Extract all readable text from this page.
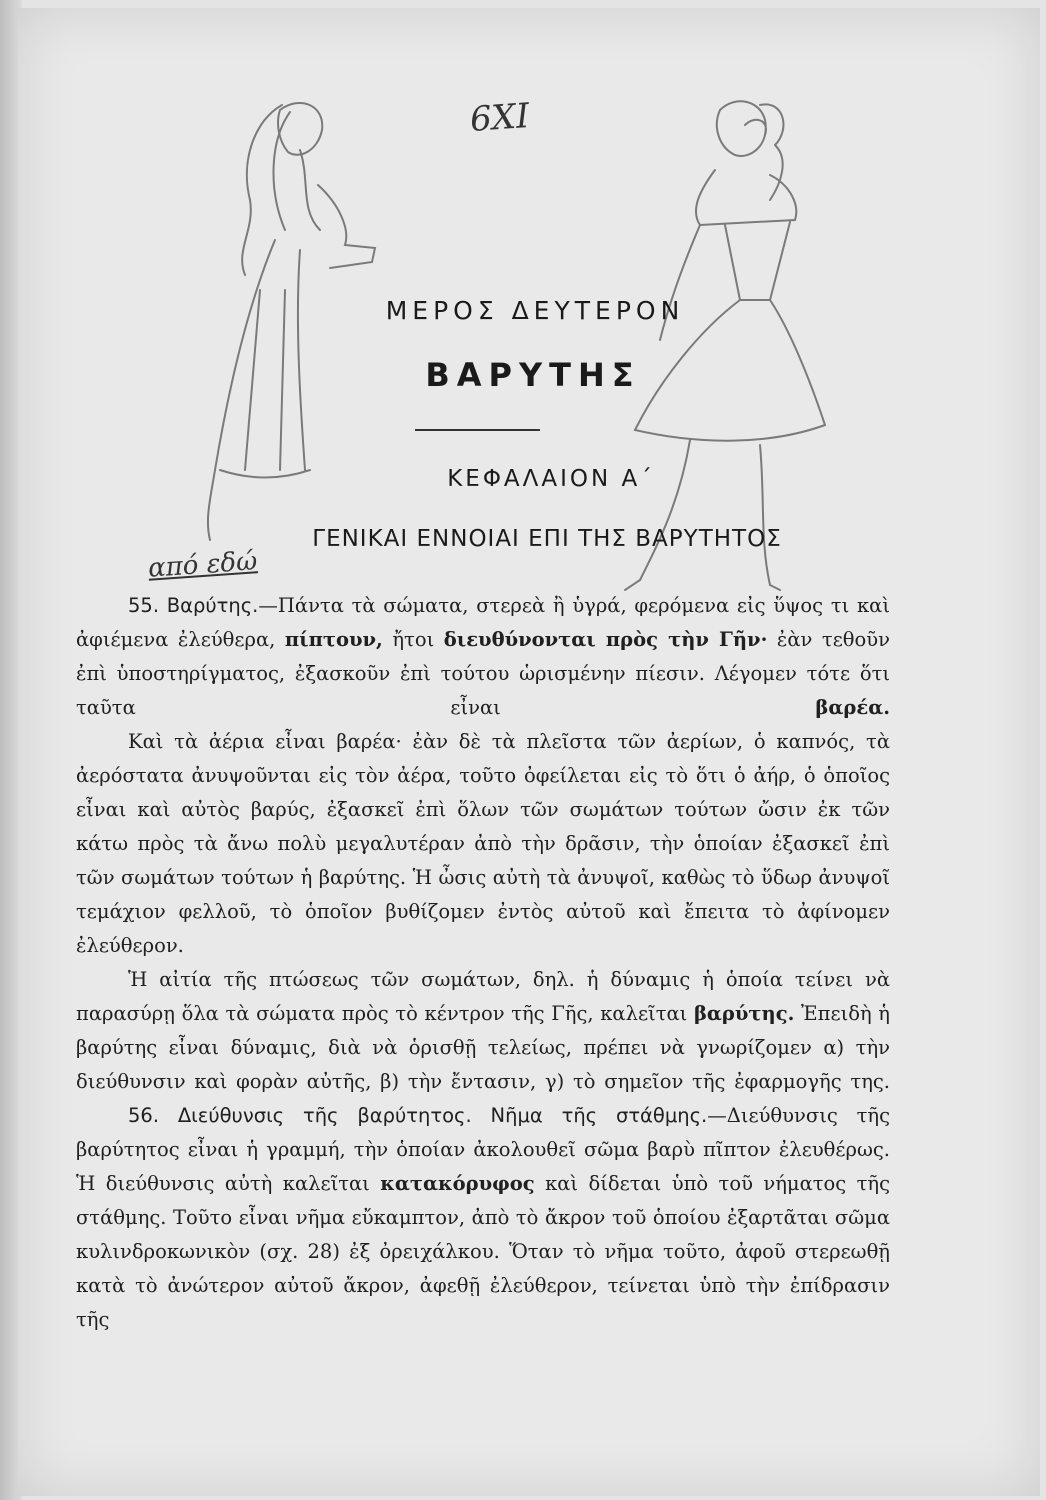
6XI
από εδώ
ΜΕΡΟΣ ΔΕΥΤΕΡΟΝ
ΒΑΡΥΤΗΣ
ΚΕΦΑΛΑΙΟΝ Α΄
ΓΕΝΙΚΑΙ ΕΝΝΟΙΑΙ ΕΠΙ ΤΗΣ ΒΑΡΥΤΗΤΟΣ

55. Βαρύτης.—Πάντα τὰ σώματα, στερεὰ ἢ ὑγρά, φερόμενα εἰς ὕψος τι καὶ ἀφιέμενα ἐλεύθερα, πίπτουν, ἤτοι διευθύνονται πρὸς τὴν Γῆν· ἐὰν τεθοῦν ἐπὶ ὑποστηρίγματος, ἐξασκοῦν ἐπὶ τούτου ὡρισμένην πίεσιν. Λέγομεν τότε ὅτι ταῦτα εἶναι βαρέα.

Καὶ τὰ ἀέρια εἶναι βαρέα· ἐὰν δὲ τὰ πλεῖστα τῶν ἀερίων, ὁ καπνός, τὰ ἀερόστατα ἀνυψοῦνται εἰς τὸν ἀέρα, τοῦτο ὀφείλεται εἰς τὸ ὅτι ὁ ἀήρ, ὁ ὁποῖος εἶναι καὶ αὐτὸς βαρύς, ἐξασκεῖ ἐπὶ ὅλων τῶν σωμάτων τούτων ὤσιν ἐκ τῶν κάτω πρὸς τὰ ἄνω πολὺ μεγαλυτέραν ἀπὸ τὴν δρᾶσιν, τὴν ὁποίαν ἐξασκεῖ ἐπὶ τῶν σωμάτων τούτων ἡ βαρύτης. Ἡ ὦσις αὐτὴ τὰ ἀνυψοῖ, καθὼς τὸ ὕδωρ ἀνυψοῖ τεμάχιον φελλοῦ, τὸ ὁποῖον βυθίζομεν ἐντὸς αὐτοῦ καὶ ἔπειτα τὸ ἀφίνομεν ἐλεύθερον.

Ἡ αἰτία τῆς πτώσεως τῶν σωμάτων, δηλ. ἡ δύναμις ἡ ὁποία τείνει νὰ παρασύρῃ ὅλα τὰ σώματα πρὸς τὸ κέντρον τῆς Γῆς, καλεῖται βαρύτης. Ἐπειδὴ ἡ βαρύτης εἶναι δύναμις, διὰ νὰ ὁρισθῇ τελείως, πρέπει νὰ γνωρίζομεν α) τὴν διεύθυνσιν καὶ φορὰν αὐτῆς, β) τὴν ἔντασιν, γ) τὸ σημεῖον τῆς ἐφαρμογῆς της.

56. Διεύθυνσις τῆς βαρύτητος. Νῆμα τῆς στάθμης.—Διεύθυνσις τῆς βαρύτητος εἶναι ἡ γραμμή, τὴν ὁποίαν ἀκολουθεῖ σῶμα βαρὺ πῖπτον ἐλευθέρως. Ἡ διεύθυνσις αὐτὴ καλεῖται κατακόρυφος καὶ δίδεται ὑπὸ τοῦ νήματος τῆς στάθμης. Τοῦτο εἶναι νῆμα εὔκαμπτον, ἀπὸ τὸ ἄκρον τοῦ ὁποίου ἐξαρτᾶται σῶμα κυλινδροκωνικὸν (σχ. 28) ἐξ ὀρειχάλκου. Ὅταν τὸ νῆμα τοῦτο, ἀφοῦ στερεωθῇ κατὰ τὸ ἀνώτερον αὐτοῦ ἄκρον, ἀφεθῇ ἐλεύθερον, τείνεται ὑπὸ τὴν ἐπίδρασιν τῆς
